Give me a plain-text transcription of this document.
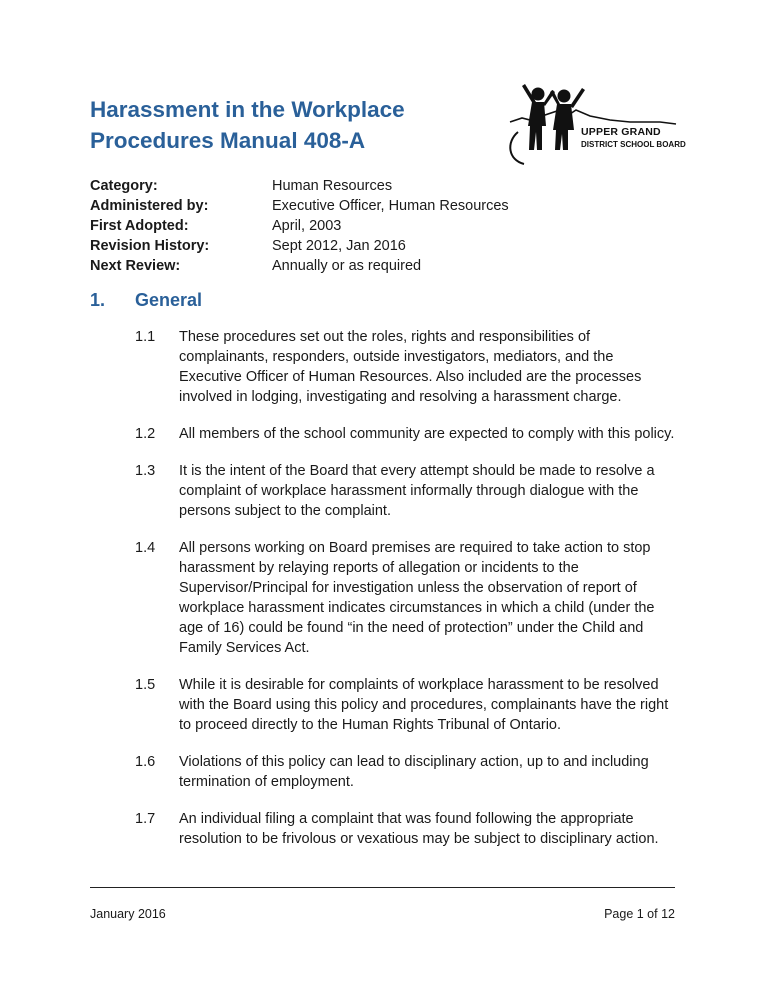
Harassment in the Workplace
Procedures Manual 408-A	UPPER GRAND
DISTRICT SCHOOL BOARD
Category:	Human Resources
Administered by:	Executive Officer, Human Resources
First Adopted:	April, 2003
Revision History:	Sept 2012, Jan 2016
Next Review:	Annually or as required
1.	General
1.1	These procedures set out the roles, rights and responsibilities of complainants, responders, outside investigators, mediators, and the Executive Officer of Human Resources. Also included are the processes involved in lodging, investigating and resolving a harassment charge.
1.2	All members of the school community are expected to comply with this policy.
1.3	It is the intent of the Board that every attempt should be made to resolve a complaint of workplace harassment informally through dialogue with the persons subject to the complaint.
1.4	All persons working on Board premises are required to take action to stop harassment by relaying reports of allegation or incidents to the Supervisor/Principal for investigation unless the observation of report of workplace harassment indicates circumstances in which a child (under the age of 16) could be found “in the need of protection” under the Child and Family Services Act.
1.5	While it is desirable for complaints of workplace harassment to be resolved with the Board using this policy and procedures, complainants have the right to proceed directly to the Human Rights Tribunal of Ontario.
1.6	Violations of this policy can lead to disciplinary action, up to and including termination of employment.
1.7	An individual filing a complaint that was found following the appropriate resolution to be frivolous or vexatious may be subject to disciplinary action.
January 2016	Page 1 of 12
